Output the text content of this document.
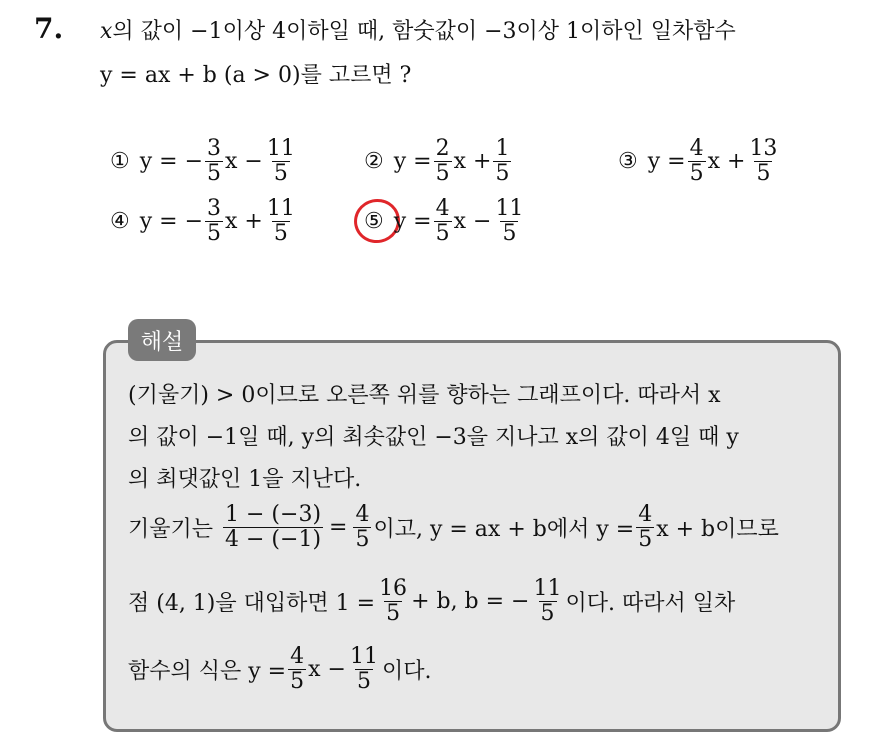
7. x의 값이 −1이상 4이하일 때, 함숫값이 −3이상 1이하인 일차함수
y = ax + b (a > 0)를 고르면 ?
① y = − $\frac{3}{5}$ $x - \frac{11}{5}$	② $y = \frac{2}{5}$ $x + \frac{1}{5}$	③ $y = \frac{4}{5}$ $x + \frac{13}{5}$
④ y = − $\frac{3}{5}$ $x + \frac{11}{5}$	⑤ $y = \frac{4}{5}$ $x - \frac{11}{5}$
해설
(기울기) > 0이므로 오른쪽 위를 향하는 그래프이다. 따라서 x
의 값이 −1일 때, y의 최솟값인 −3을 지나고 x의 값이 4일 때 y
의 최댓값인 1을 지난다.
기울기는 $\frac{1 - (-3)}{4 - (-1)} = \frac{4}{5}$ 이고, y = ax + b에서 $y = \frac{4}{5}$ x + b이므로
점 (4, 1)을 대입하면 $1 = \frac{16}{5} + b$, b = − $\frac{11}{5}$ 이다. 따라서 일차
함수의 식은 $y = \frac{4}{5}$ $x - \frac{11}{5}$ 이다.
